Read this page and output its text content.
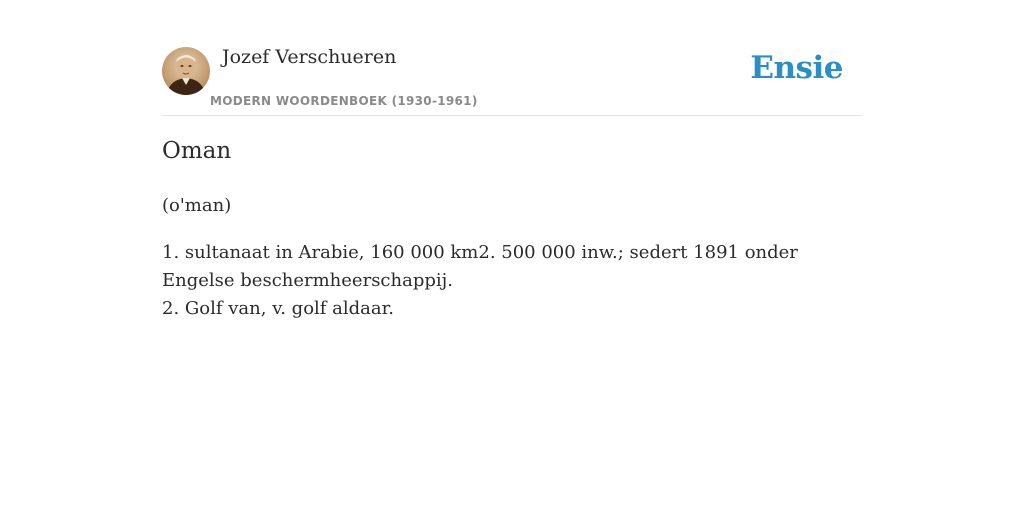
Jozef Verschueren
MODERN WOORDENBOEK (1930-1961)
Ensie
Oman

(o'man)

1. sultanaat in Arabie, 160 000 km2. 500 000 inw.; sedert 1891 onder Engelse beschermheerschappij.

2. Golf van, v. golf aldaar.
